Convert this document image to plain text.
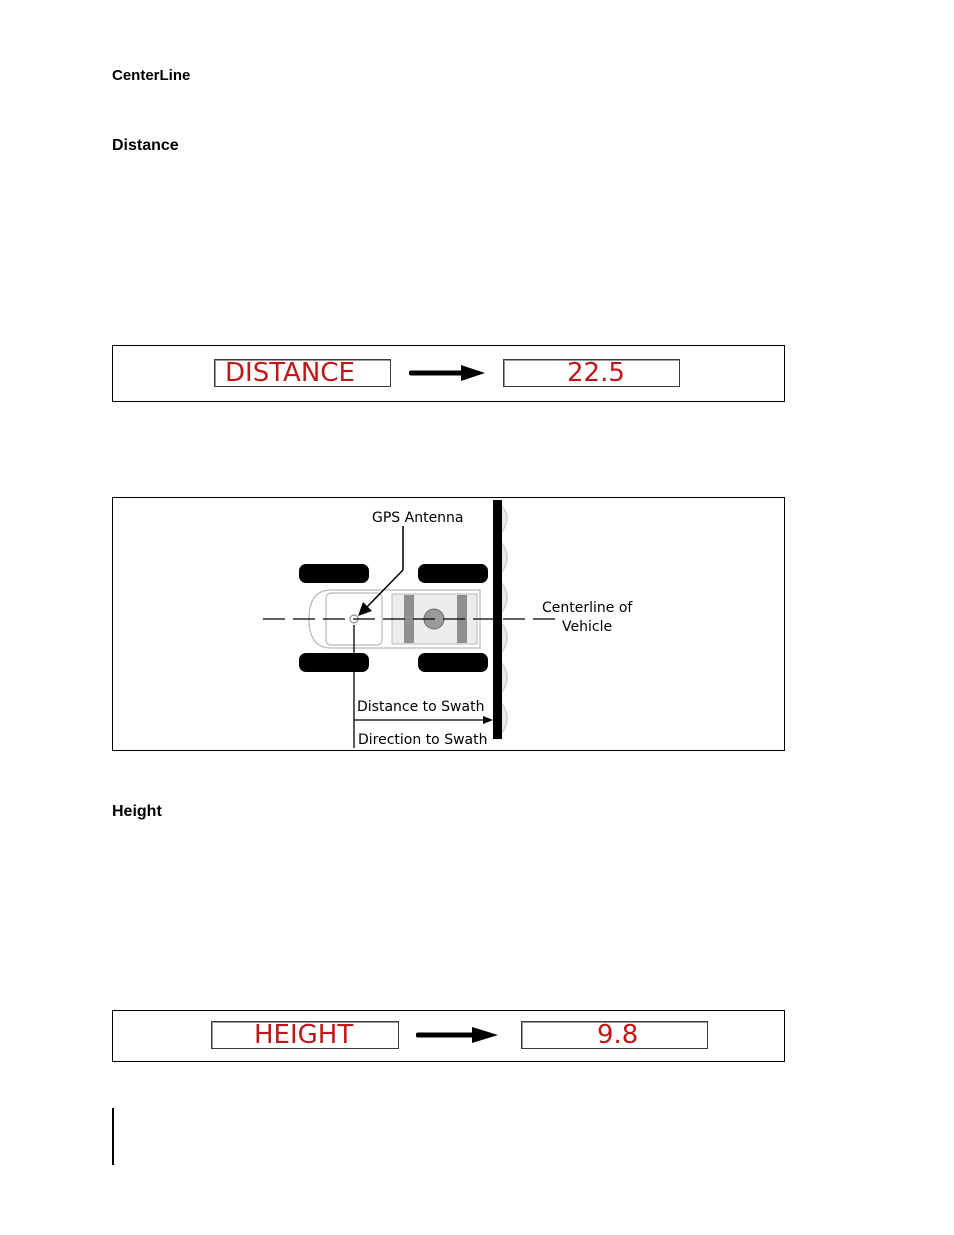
CenterLine
Distance
DISTANCE	22.5
GPS Antenna
Centerline of
Vehicle
Distance to Swath
Direction to Swath
Height
HEIGHT	9.8
